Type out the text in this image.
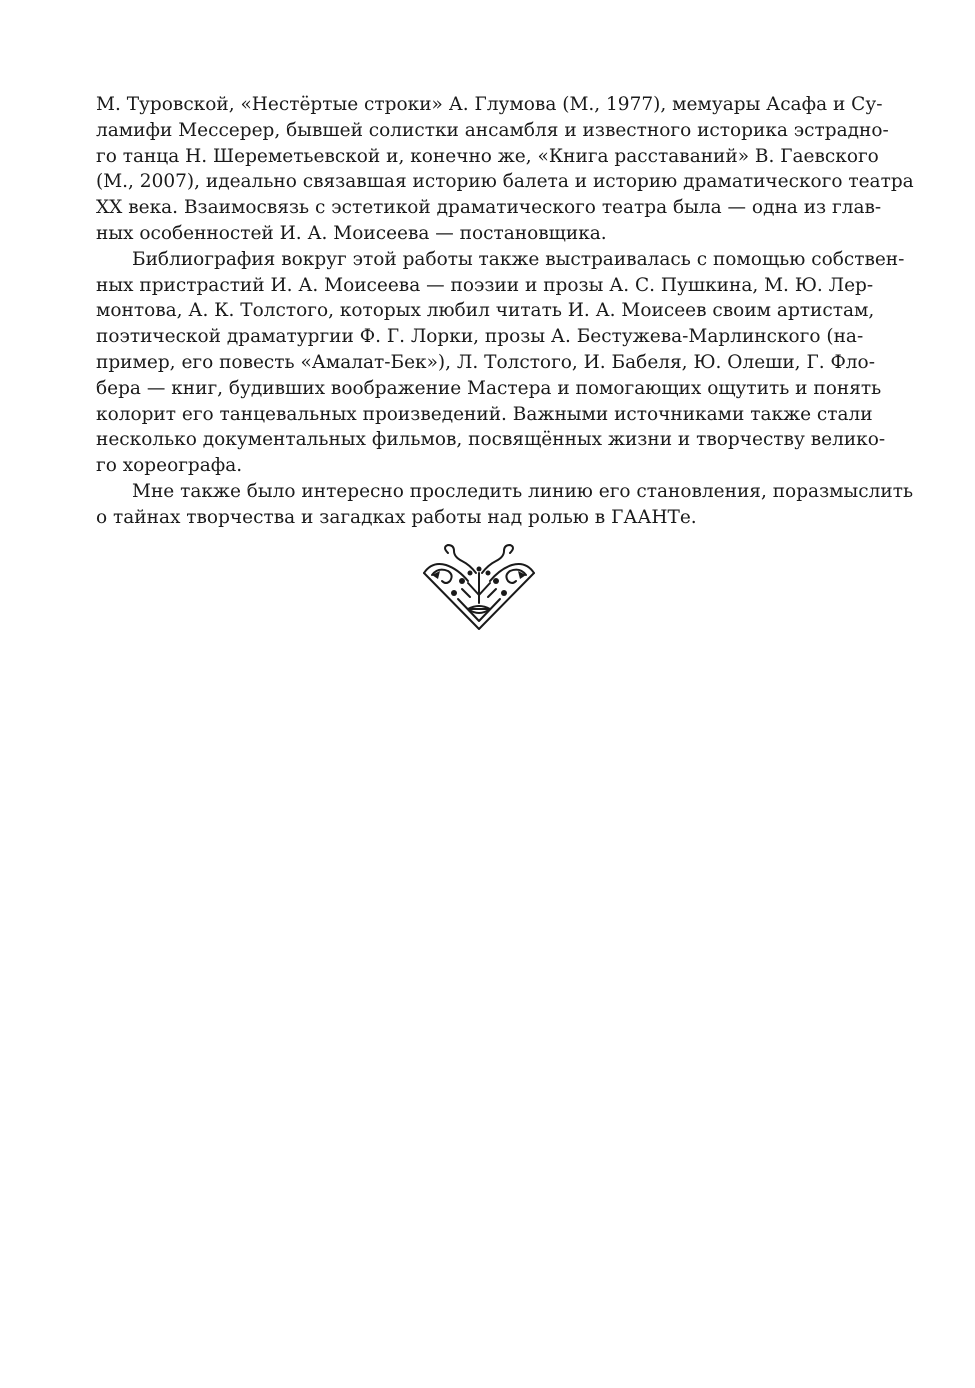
М. Туровской, «Нестёртые строки» А. Глумова (М., 1977), мемуары Асафа и Су-
ламифи Мессерер, бывшей солистки ансамбля и известного историка эстрадно-
го танца Н. Шереметьевской и, конечно же, «Книга расставаний» В. Гаевского
(М., 2007), идеально связавшая историю балета и историю драматического театра
XX века. Взаимосвязь с эстетикой драматического театра была — одна из глав-
ных особенностей И. А. Моисеева — постановщика.
Библиография вокруг этой работы также выстраивалась с помощью собствен-
ных пристрастий И. А. Моисеева — поэзии и прозы А. С. Пушкина, М. Ю. Лер-
монтова, А. К. Толстого, которых любил читать И. А. Моисеев своим артистам,
поэтической драматургии Ф. Г. Лорки, прозы А. Бестужева-Марлинского (на-
пример, его повесть «Амалат-Бек»), Л. Толстого, И. Бабеля, Ю. Олеши, Г. Фло-
бера — книг, будивших воображение Мастера и помогающих ощутить и понять
колорит его танцевальных произведений. Важными источниками также стали
несколько документальных фильмов, посвящённых жизни и творчеству велико-
го хореографа.
Мне также было интересно проследить линию его становления, поразмыслить
о тайнах творчества и загадках работы над ролью в ГААНТе.
